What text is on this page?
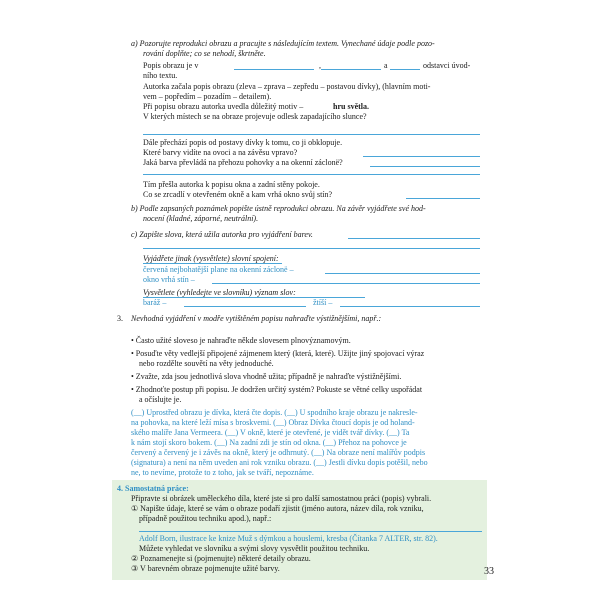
a) Pozorujte reprodukci obrazu a pracujte s následujícím textem. Vynechané údaje podle pozo-
rování doplňte; co se nehodí, škrtněte.
Popis obrazu je v	,	a	odstavci úvod-
ního textu.
Autorka začala popis obrazu (zleva – zprava – zepředu – postavou dívky), (hlavním moti-
vem – popředím – pozadím – detailem).
Při popisu obrazu autorka uvedla důležitý motiv –
V kterých místech se na obraze projevuje odlesk zapadajícího slunce?
hru světla.
Dále přechází popis od postavy dívky k tomu, co ji obklopuje.
Které barvy vidíte na ovoci a na závěsu vpravo?
Jaká barva převládá na přehozu pohovky a na okenní záclonë?
Tím přešla autorka k popisu okna a zadní stěny pokoje.
Co se zrcadlí v otevřeném okně a kam vrhá okno svůj stín?
b) Podle zapsaných poznámek popište ústně reprodukci obrazu. Na závěr vyjádřete své hod-
nocení (kladné, záporné, neutrální).
c) Zapište slova, která užila autorka pro vyjádření barev.
Vyjádřete jinak (vysvětlete) slovní spojení:
červená nejbohatější plane na okenní záclonë –
okno vrhá stín –
Vysvětlete (vyhledejte ve slovníku) význam slov:
baráž –	žtíší –
3. Nevhodná vyjádření v modře vytištěném popisu nahraďte výstižnějšími, např.:
• Často užité sloveso je nahraďte někde slovesem plnovýznamovým.
• Posuďte věty vedlejší připojené zájmenem který (která, které). Užijte jiný spojovací výraz
nebo rozdělte souvětí na věty jednoduché.
• Zvažte, zda jsou jednotlivá slova vhodně užita; případně je nahraďte výstižnějšími.
• Zhodnoťte postup při popisu. Je dodržen určitý systém? Pokuste se větné celky uspořádat
a očíslujte je.
(__) Uprostřed obrazu je dívka, která čte dopis. (__) U spodního kraje obrazu je nakresle-
na pohovka, na které leží mísa s broskvemi. (__) Obraz Dívka čtoucí dopis je od holand-
ského malíře Jana Vermeera. (__) V okně, které je otevřené, je vidět tvář dívky. (__) Ta
k nám stojí skoro bokem. (__) Na zadní zdi je stín od okna. (__) Přehoz na pohovce je
červený a červený je i závěs na okně, který je odhrnutý. (__) Na obraze není malířův podpis
(signatura) a není na něm uveden ani rok vzniku obrazu. (__) Jestli dívku dopis potěšil, nebo
ne, to nevíme, protože to z toho, jak se tváří, nepoznáme.
4. Samostatná práce:
Připravte si obrázek uměleckého díla, které jste si pro další samostatnou práci (popis) vybrali.
① Napište údaje, které se vám o obraze podaří zjistit (jméno autora, název díla, rok vzniku,
případně použitou techniku apod.), např.:
Adolf Born, ilustrace ke knize Muž s dýmkou a houslemi, kresba (Čítanka 7 ALTER, str. 82).
Můžete vyhledat ve slovníku a svými slovy vysvětlit použitou techniku.
② Poznamenejte si (pojmenujte) některé detaily obrazu.
③ V barevném obraze pojmenujte užité barvy.	33
